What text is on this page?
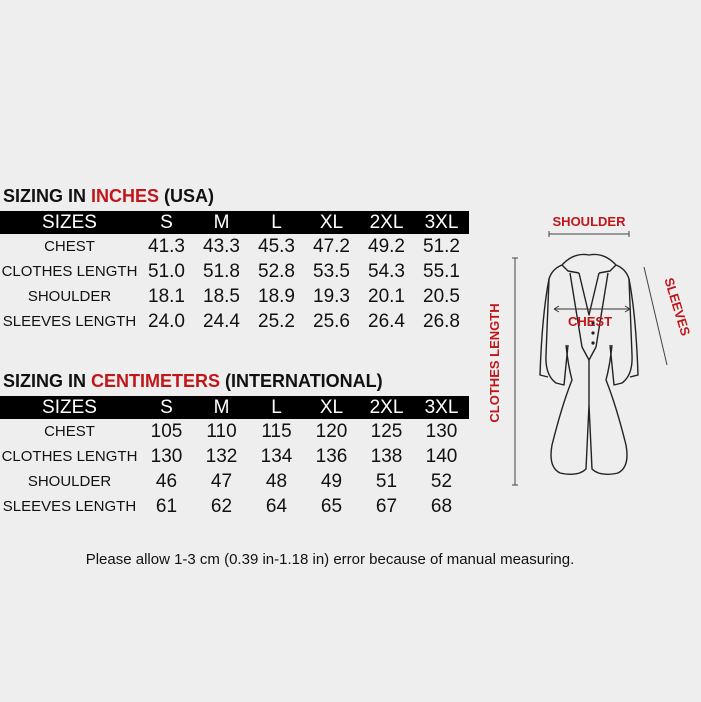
SIZING IN INCHES (USA)
SIZES	S	M	L	XL	2XL	3XL
CHEST	41.3	43.3	45.3	47.2	49.2	51.2
CLOTHES LENGTH	51.0	51.8	52.8	53.5	54.3	55.1
SHOULDER	18.1	18.5	18.9	19.3	20.1	20.5
SLEEVES LENGTH	24.0	24.4	25.2	25.6	26.4	26.8
SIZING IN CENTIMETERS (INTERNATIONAL)
SIZES	S	M	L	XL	2XL	3XL
CHEST	105	110	115	120	125	130
CLOTHES LENGTH	130	132	134	136	138	140
SHOULDER	46	47	48	49	51	52
SLEEVES LENGTH	61	62	64	65	67	68
Please allow 1-3 cm (0.39 in-1.18 in) error because of manual measuring.
SHOULDER
CLOTHES LENGTH	SLEEVES
CHEST
